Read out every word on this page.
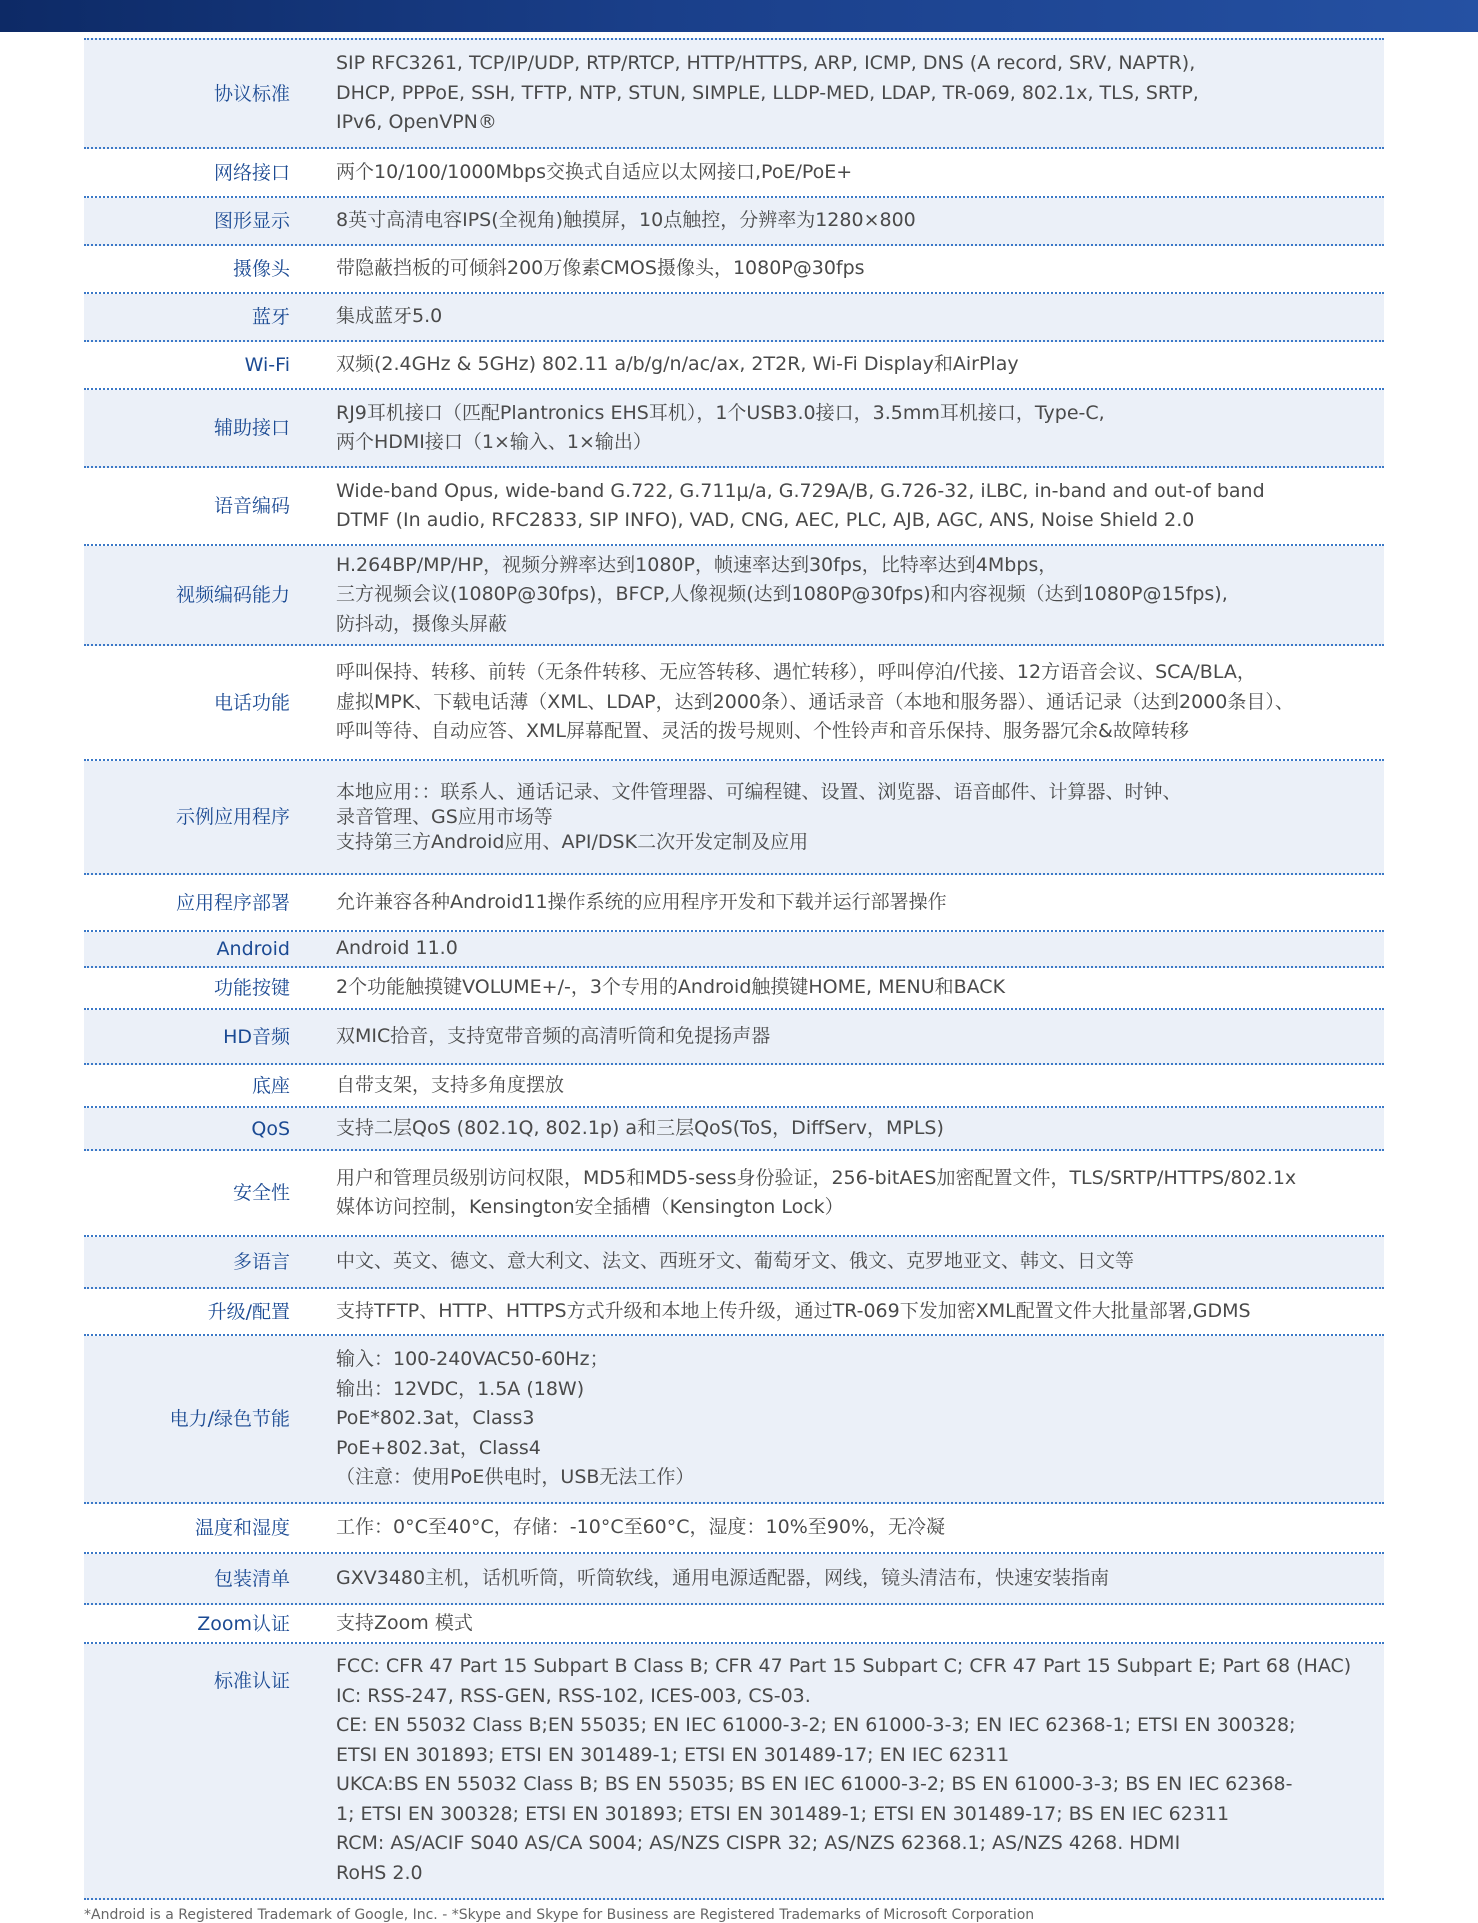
协议标准
SIP RFC3261, TCP/IP/UDP, RTP/RTCP, HTTP/HTTPS, ARP, ICMP, DNS (A record, SRV, NAPTR),
DHCP, PPPoE, SSH, TFTP, NTP, STUN, SIMPLE, LLDP-MED, LDAP, TR-069, 802.1x, TLS, SRTP,
IPv6, OpenVPN®
网络接口 两个10/100/1000Mbps交换式自适应以太网接口,PoE/PoE+
图形显示 8英寸高清电容IPS(全视角)触摸屏，10点触控，分辨率为1280×800
摄像头 带隐蔽挡板的可倾斜200万像素CMOS摄像头，1080P@30fps
蓝牙 集成蓝牙5.0
Wi-Fi 双频(2.4GHz & 5GHz) 802.11 a/b/g/n/ac/ax, 2T2R, Wi-Fi Display和AirPlay
辅助接口
RJ9耳机接口（匹配Plantronics EHS耳机），1个USB3.0接口，3.5mm耳机接口，Type-C,
两个HDMI接口（1×输入、1×输出）
语音编码
Wide-band Opus, wide-band G.722, G.711µ/a, G.729A/B, G.726-32, iLBC, in-band and out-of band
DTMF (In audio, RFC2833, SIP INFO), VAD, CNG, AEC, PLC, AJB, AGC, ANS, Noise Shield 2.0
视频编码能力
H.264BP/MP/HP，视频分辨率达到1080P，帧速率达到30fps，比特率达到4Mbps，
三方视频会议(1080P@30fps)，BFCP,人像视频(达到1080P@30fps)和内容视频（达到1080P@15fps),
防抖动，摄像头屏蔽
电话功能
呼叫保持、转移、前转（无条件转移、无应答转移、遇忙转移），呼叫停泊/代接、12方语音会议、SCA/BLA，
虚拟MPK、下载电话薄（XML、LDAP，达到2000条）、通话录音（本地和服务器）、通话记录（达到2000条目）、
呼叫等待、自动应答、XML屏幕配置、灵活的拨号规则、个性铃声和音乐保持、服务器冗余&故障转移
示例应用程序
本地应用：：联系人、通话记录、文件管理器、可编程键、设置、浏览器、语音邮件、计算器、时钟、
录音管理、GS应用市场等
支持第三方Android应用、API/DSK二次开发定制及应用
应用程序部署 允许兼容各种Android11操作系统的应用程序开发和下载并运行部署操作
Android Android 11.0
功能按键 2个功能触摸键VOLUME+/-，3个专用的Android触摸键HOME, MENU和BACK
HD音频 双MIC拾音，支持宽带音频的高清听筒和免提扬声器
底座 自带支架，支持多角度摆放
QoS 支持二层QoS (802.1Q, 802.1p) a和三层QoS(ToS，DiffServ，MPLS)
安全性
用户和管理员级别访问权限，MD5和MD5-sess身份验证，256-bitAES加密配置文件，TLS/SRTP/HTTPS/802.1x
媒体访问控制，Kensington安全插槽（Kensington Lock）
多语言 中文、英文、德文、意大利文、法文、西班牙文、葡萄牙文、俄文、克罗地亚文、韩文、日文等
升级/配置 支持TFTP、HTTP、HTTPS方式升级和本地上传升级，通过TR-069下发加密XML配置文件大批量部署,GDMS
电力/绿色节能
输入：100-240VAC50-60Hz；
输出：12VDC，1.5A (18W)
PoE*802.3at，Class3
PoE+802.3at，Class4
（注意：使用PoE供电时，USB无法工作）
温度和湿度 工作：0°C至40°C，存储：-10°C至60°C，湿度：10%至90%，无冷凝
包装清单 GXV3480主机，话机听筒，听筒软线，通用电源适配器，网线，镜头清洁布，快速安装指南
Zoom认证 支持Zoom 模式
标准认证
FCC: CFR 47 Part 15 Subpart B Class B; CFR 47 Part 15 Subpart C; CFR 47 Part 15 Subpart E; Part 68 (HAC)
IC: RSS-247, RSS-GEN, RSS-102, ICES-003, CS-03.
CE: EN 55032 Class B;EN 55035; EN IEC 61000-3-2; EN 61000-3-3; EN IEC 62368-1; ETSI EN 300328;
ETSI EN 301893; ETSI EN 301489-1; ETSI EN 301489-17; EN IEC 62311
UKCA:BS EN 55032 Class B; BS EN 55035; BS EN IEC 61000-3-2; BS EN 61000-3-3; BS EN IEC 62368-
1; ETSI EN 300328; ETSI EN 301893; ETSI EN 301489-1; ETSI EN 301489-17; BS EN IEC 62311
RCM: AS/ACIF S040 AS/CA S004; AS/NZS CISPR 32; AS/NZS 62368.1; AS/NZS 4268. HDMI
RoHS 2.0
*Android is a Registered Trademark of Google, Inc. - *Skype and Skype for Business are Registered Trademarks of Microsoft Corporation
